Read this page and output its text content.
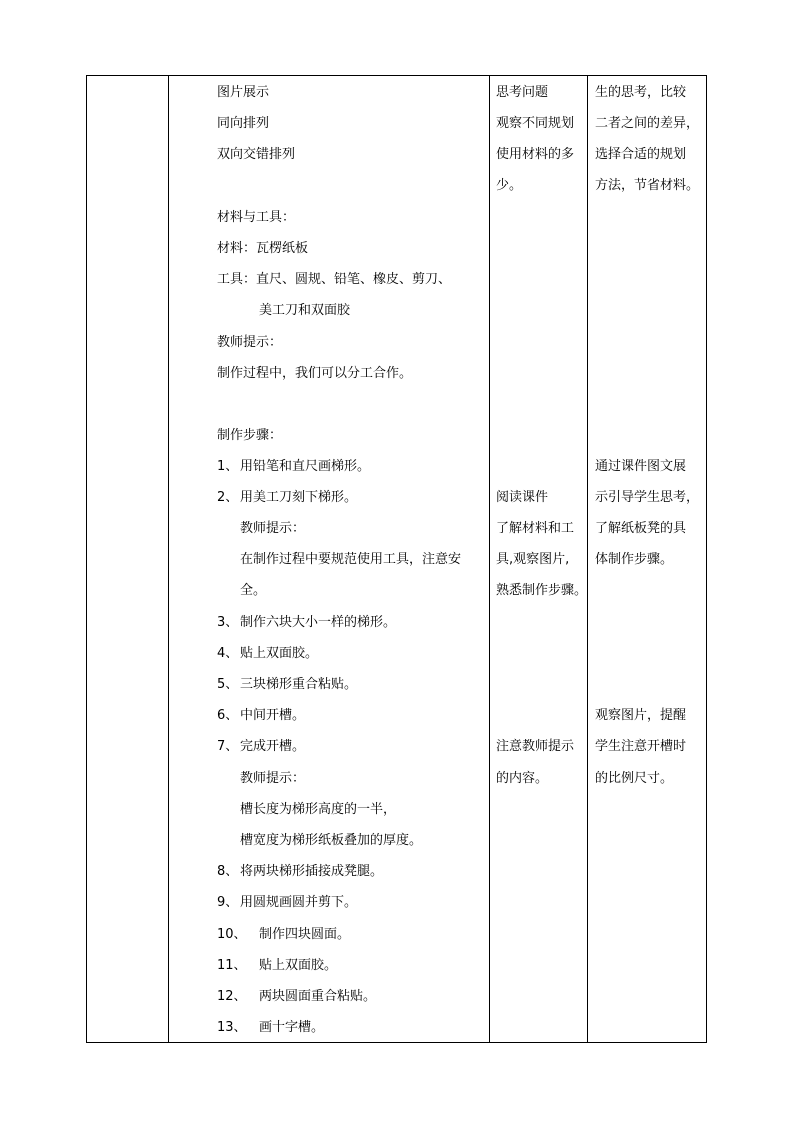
图片展示
同向排列
双向交错排列
材料与工具：
材料：瓦楞纸板
工具：直尺、圆规、铅笔、橡皮、剪刀、
美工刀和双面胶
教师提示：
制作过程中，我们可以分工合作。
制作步骤：
1、 用铅笔和直尺画梯形。
2、 用美工刀刻下梯形。
教师提示：
在制作过程中要规范使用工具，注意安
全。
3、 制作六块大小一样的梯形。
4、 贴上双面胶。
5、 三块梯形重合粘贴。
6、 中间开槽。
7、 完成开槽。
教师提示：
槽长度为梯形高度的一半，
槽宽度为梯形纸板叠加的厚度。
8、 将两块梯形插接成凳腿。
9、 用圆规画圆并剪下。
10、 制作四块圆面。
11、 贴上双面胶。
12、 两块圆面重合粘贴。
13、 画十字槽。
思考问题
观察不同规划
使用材料的多
少。
阅读课件
了解材料和工
具,观察图片,
熟悉制作步骤。
注意教师提示
的内容。
生的思考，比较
二者之间的差异，
选择合适的规划
方法，节省材料。
通过课件图文展
示引导学生思考，
了解纸板凳的具
体制作步骤。
观察图片，提醒
学生注意开槽时
的比例尺寸。
